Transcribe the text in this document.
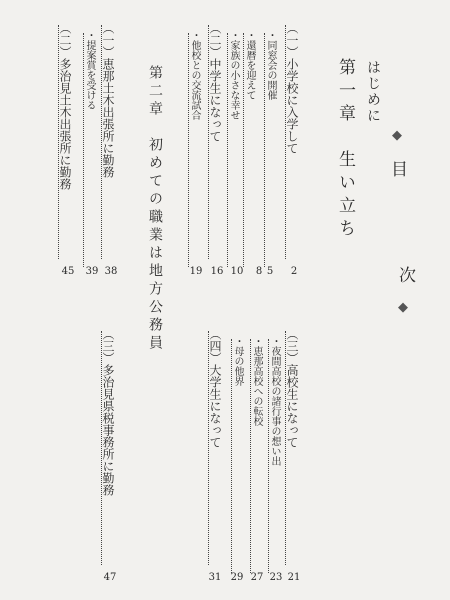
◆
目
次
◆
はじめに
第一章　生い立ち
（一）小学校に入学して
2
・同窓会の開催
5
・還暦を迎えて
8
・家族の小さな幸せ
10
（二）中学生になって
16
・他校との交流試合
19
第二章　初めての職業は地方公務員
（一）恵那土木出張所に勤務
38
・提案賞を受ける
39
（二）多治見土木出張所に勤務
45
（三）高校生になって
21
・夜間高校の諸行事の想い出
23
・恵那高校への転校
27
・母の他界
29
（四）大学生になって
31
（三）多治見県税事務所に勤務
47
